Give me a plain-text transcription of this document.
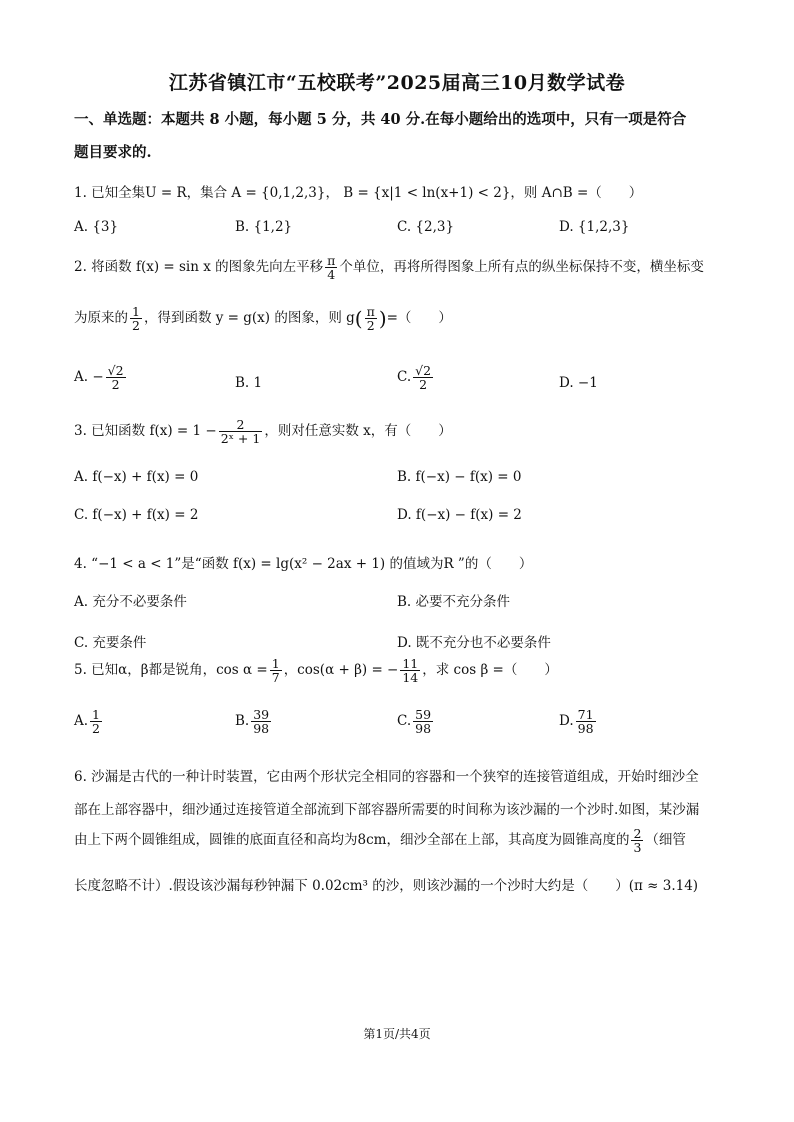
江苏省镇江市“五校联考”2025届高三10月数学试卷
一、单选题：本题共 8 小题，每小题 5 分，共 40 分.在每小题给出的选项中，只有一项是符合
题目要求的.
1. 已知全集U = R，集合 A = {0,1,2,3}， B = {x|1 < ln(x+1) < 2}，则 A∩B =（　　）
A. {3}	B. {1,2}	C. {2,3}	D. {1,2,3}
2. 将函数 f(x) = sin x 的图象先向左平移 $\frac{\pi}{4}$ 个单位，再将所得图象上所有点的纵坐标保持不变，横坐标变
为原来的 $\frac{1}{2}$ ，得到函数 y = g(x) 的图象，则 $g( \frac{\pi}{2}$ )=（　　）
A. − $\frac{√2}{2}$	B. 1	C. $\frac{√2}{2}$	D. −1
3. 已知函数 $f(x) = 1 - \frac{2}{\text{2ˣ + 1}}$ ，则对任意实数 x，有（　　）
A. f(−x) + f(x) = 0	B. f(−x) − f(x) = 0
C. f(−x) + f(x) = 2	D. f(−x) − f(x) = 2
4. “−1 < a < 1”是“函数 f(x) = lg(x² − 2ax + 1) 的值域为R ”的（　　）
A. 充分不必要条件	B. 必要不充分条件
C. 充要条件	D. 既不充分也不必要条件
5. 已知α，β都是锐角，$\cos \alpha = \frac{1}{7}$ ，cos(α + β) = − $\frac{11}{14}$ ，求 cos β =（　　）
A. $\frac{1}{2}$	B. $\frac{39}{98}$	C. $\frac{59}{98}$	D. $\frac{71}{98}$
6. 沙漏是古代的一种计时装置，它由两个形状完全相同的容器和一个狭窄的连接管道组成，开始时细沙全
部在上部容器中，细沙通过连接管道全部流到下部容器所需要的时间称为该沙漏的一个沙时.如图，某沙漏
由上下两个圆锥组成，圆锥的底面直径和高均为8cm，细沙全部在上部，其高度为圆锥高度的 $\frac{2}{3}$ （细管
长度忽略不计）.假设该沙漏每秒钟漏下 0.02cm³ 的沙，则该沙漏的一个沙时大约是（　　）(π ≈ 3.14)
第1页/共4页
